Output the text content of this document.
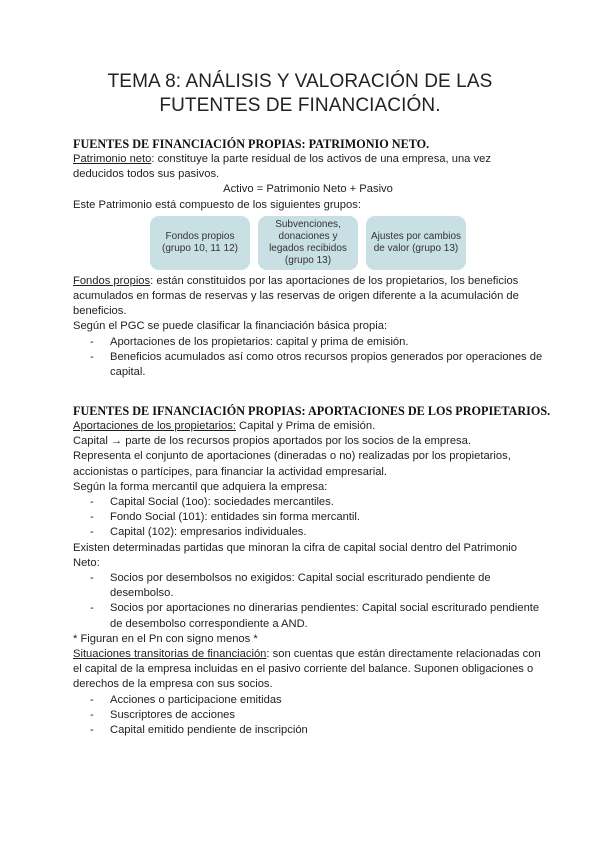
TEMA 8: ANÁLISIS Y VALORACIÓN DE LAS
FUTENTES DE FINANCIACIÓN.
FUENTES DE FINANCIACIÓN PROPIAS: PATRIMONIO NETO.

Patrimonio neto: constituye la parte residual de los activos de una empresa, una vez deducidos todos sus pasivos.

Activo = Patrimonio Neto + Pasivo

Este Patrimonio está compuesto de los siguientes grupos:

Fondos propios (grupo 10, 11 12)
Subvenciones, donaciones y legados recibidos (grupo 13)
Ajustes por cambios de valor (grupo 13)

Fondos propios: están constituidos por las aportaciones de los propietarios, los beneficios acumulados en formas de reservas y las reservas de origen diferente a la acumulación de beneficios.

Según el PGC se puede clasificar la financiación básica propia:

- Aportaciones de los propietarios: capital y prima de emisión.
- Beneficios acumulados así como otros recursos propios generados por operaciones de capital.
FUENTES DE IFNANCIACIÓN PROPIAS: APORTACIONES DE LOS PROPIETARIOS.

Aportaciones de los propietarios: Capital y Prima de emisión.

Capital → parte de los recursos propios aportados por los socios de la empresa.

Representa el conjunto de aportaciones (dineradas o no) realizadas por los propietarios, accionistas o partícipes, para financiar la actividad empresarial.

Según la forma mercantil que adquiera la empresa:

- Capital Social (1oo): sociedades mercantiles.
- Fondo Social (101): entidades sin forma mercantil.
- Capital (102): empresarios individuales.

Existen determinadas partidas que minoran la cifra de capital social dentro del Patrimonio Neto:

- Socios por desembolsos no exigidos: Capital social escriturado pendiente de desembolso.
- Socios por aportaciones no dinerarias pendientes: Capital social escriturado pendiente de desembolso correspondiente a AND.

* Figuran en el Pn con signo menos *

Situaciones transitorias de financiación: son cuentas que están directamente relacionadas con el capital de la empresa incluidas en el pasivo corriente del balance. Suponen obligaciones o derechos de la empresa con sus socios.

- Acciones o participacione emitidas
- Suscriptores de acciones
- Capital emitido pendiente de inscripción
